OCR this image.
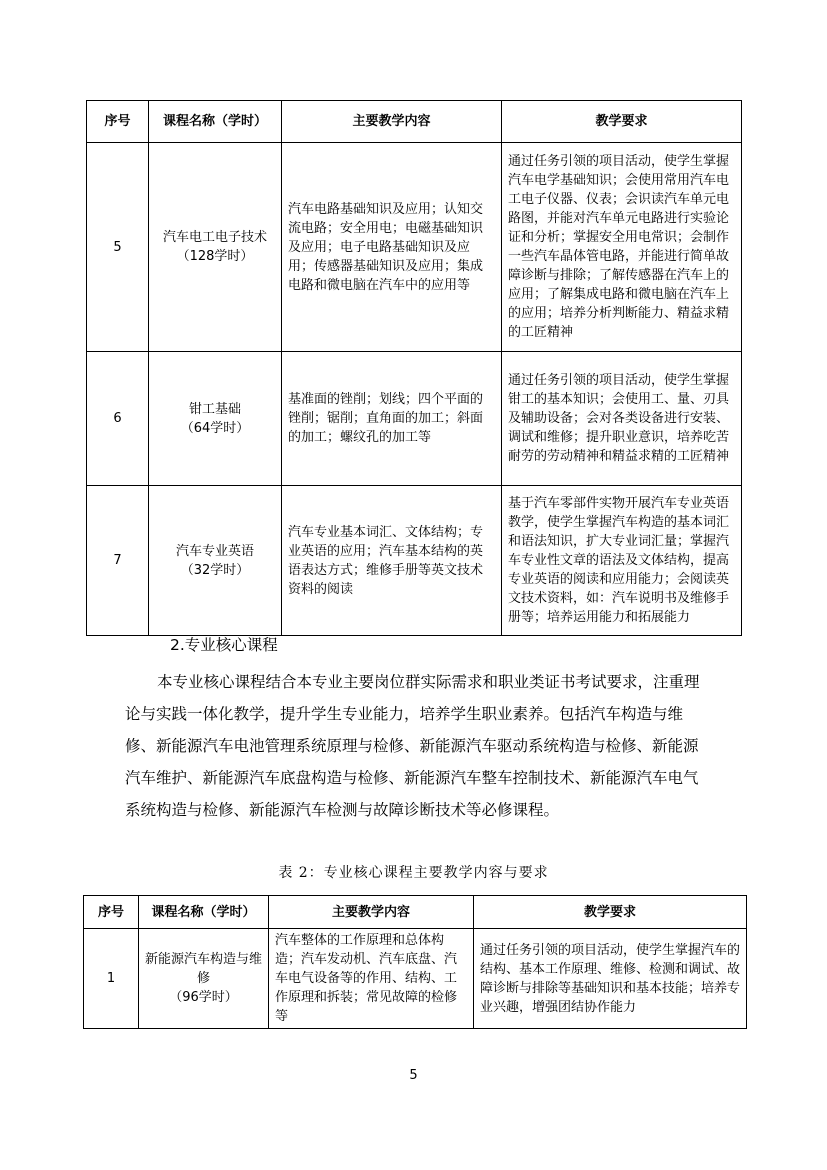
序号	课程名称（学时）	主要教学内容	教学要求
5	汽车电工电子技术
（128学时）	汽车电路基础知识及应用；认知交流电路；安全用电；电磁基础知识及应用；电子电路基础知识及应用；传感器基础知识及应用；集成电路和微电脑在汽车中的应用等	通过任务引领的项目活动，使学生掌握汽车电学基础知识；会使用常用汽车电工电子仪器、仪表；会识读汽车单元电路图，并能对汽车单元电路进行实验论证和分析；掌握安全用电常识；会制作一些汽车晶体管电路，并能进行简单故障诊断与排除；了解传感器在汽车上的应用；了解集成电路和微电脑在汽车上的应用；培养分析判断能力、精益求精的工匠精神
6	钳工基础
（64学时）	基准面的锉削；划线；四个平面的锉削；锯削；直角面的加工；斜面的加工；螺纹孔的加工等	通过任务引领的项目活动，使学生掌握钳工的基本知识；会使用工、量、刃具及辅助设备；会对各类设备进行安装、调试和维修；提升职业意识，培养吃苦耐劳的劳动精神和精益求精的工匠精神
7	汽车专业英语
（32学时）	汽车专业基本词汇、文体结构；专业英语的应用；汽车基本结构的英语表达方式；维修手册等英文技术资料的阅读	基于汽车零部件实物开展汽车专业英语教学，使学生掌握汽车构造的基本词汇和语法知识，扩大专业词汇量；掌握汽车专业性文章的语法及文体结构，提高专业英语的阅读和应用能力；会阅读英文技术资料，如：汽车说明书及维修手册等；培养运用能力和拓展能力

2.专业核心课程

本专业核心课程结合本专业主要岗位群实际需求和职业类证书考试要求，注重理论与实践一体化教学，提升学生专业能力，培养学生职业素养。包括汽车构造与维修、新能源汽车电池管理系统原理与检修、新能源汽车驱动系统构造与检修、新能源汽车维护、新能源汽车底盘构造与检修、新能源汽车整车控制技术、新能源汽车电气系统构造与检修、新能源汽车检测与故障诊断技术等必修课程。

表 2：专业核心课程主要教学内容与要求

序号	课程名称（学时）	主要教学内容	教学要求
1	新能源汽车构造与维修
（96学时）	汽车整体的工作原理和总体构造；汽车发动机、汽车底盘、汽车电气设备等的作用、结构、工作原理和拆装；常见故障的检修等	通过任务引领的项目活动，使学生掌握汽车的结构、基本工作原理、维修、检测和调试、故障诊断与排除等基础知识和基本技能；培养专业兴趣，增强团结协作能力

5
